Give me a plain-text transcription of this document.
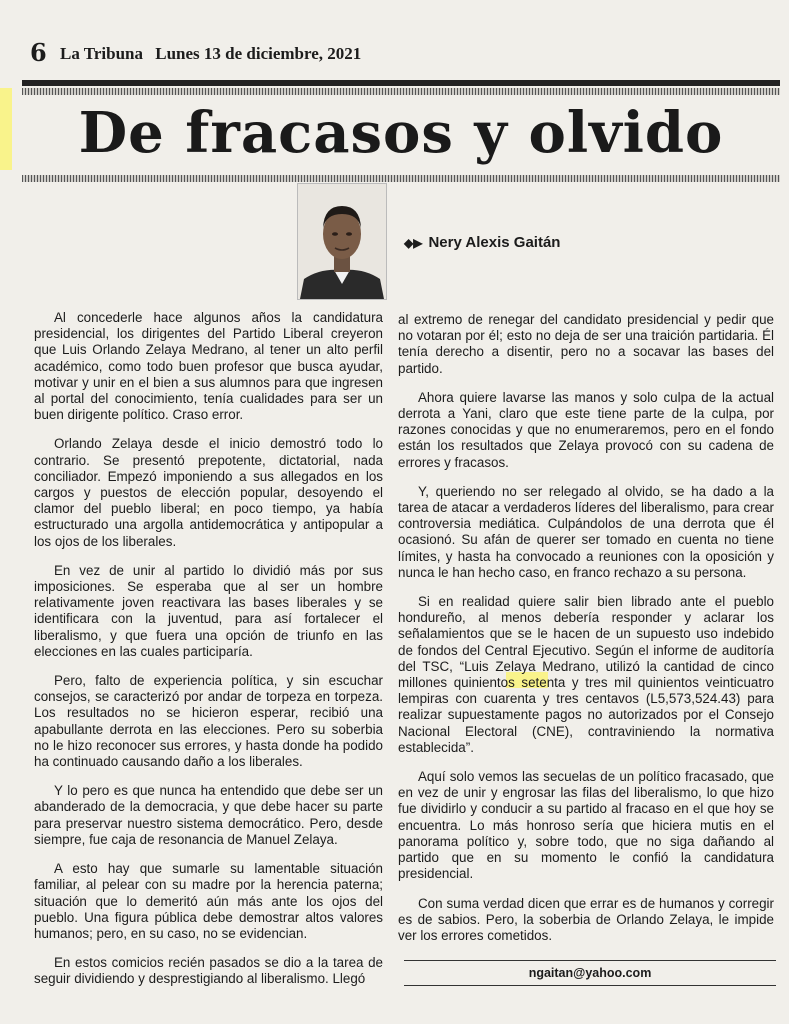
6 La Tribuna Lunes 13 de diciembre, 2021
De fracasos y olvido
◆▶ Nery Alexis Gaitán

Al concederle hace algunos años la candidatura presidencial, los dirigentes del Partido Liberal creyeron que Luis Orlando Zelaya Medrano, al tener un alto perfil académico, como todo buen profesor que busca ayudar, motivar y unir en el bien a sus alumnos para que ingresen al portal del conocimiento, tenía cualidades para ser un buen dirigente político. Craso error.

Orlando Zelaya desde el inicio demostró todo lo contrario. Se presentó prepotente, dictatorial, nada conciliador. Empezó imponiendo a sus allegados en los cargos y puestos de elección popular, desoyendo el clamor del pueblo liberal; en poco tiempo, ya había estructurado una argolla antidemocrática y antipopular a los ojos de los liberales.

En vez de unir al partido lo dividió más por sus imposiciones. Se esperaba que al ser un hombre relativamente joven reactivara las bases liberales y se identificara con la juventud, para así fortalecer el liberalismo, y que fuera una opción de triunfo en las elecciones en las cuales participaría.

Pero, falto de experiencia política, y sin escuchar consejos, se caracterizó por andar de torpeza en torpeza. Los resultados no se hicieron esperar, recibió una apabullante derrota en las elecciones. Pero su soberbia no le hizo reconocer sus errores, y hasta donde ha podido ha continuado causando daño a los liberales.

Y lo pero es que nunca ha entendido que debe ser un abanderado de la democracia, y que debe hacer su parte para preservar nuestro sistema democrático. Pero, desde siempre, fue caja de resonancia de Manuel Zelaya.

A esto hay que sumarle su lamentable situación familiar, al pelear con su madre por la herencia paterna; situación que lo demeritó aún más ante los ojos del pueblo. Una figura pública debe demostrar altos valores humanos; pero, en su caso, no se evidencian.

En estos comicios recién pasados se dio a la tarea de seguir dividiendo y desprestigiando al liberalismo. Llegó

al extremo de renegar del candidato presidencial y pedir que no votaran por él; esto no deja de ser una traición partidaria. Él tenía derecho a disentir, pero no a socavar las bases del partido.

Ahora quiere lavarse las manos y solo culpa de la actual derrota a Yani, claro que este tiene parte de la culpa, por razones conocidas y que no enumeraremos, pero en el fondo están los resultados que Zelaya provocó con su cadena de errores y fracasos.

Y, queriendo no ser relegado al olvido, se ha dado a la tarea de atacar a verdaderos líderes del liberalismo, para crear controversia mediática. Culpándolos de una derrota que él ocasionó. Su afán de querer ser tomado en cuenta no tiene límites, y hasta ha convocado a reuniones con la oposición y nunca le han hecho caso, en franco rechazo a su persona.

Si en realidad quiere salir bien librado ante el pueblo hondureño, al menos debería responder y aclarar los señalamientos que se le hacen de un supuesto uso indebido de fondos del Central Ejecutivo. Según el informe de auditoría del TSC, “Luis Zelaya Medrano, utilizó la cantidad de cinco millones quinientos setenta y tres mil quinientos veinticuatro lempiras con cuarenta y tres centavos (L5,573,524.43) para realizar supuestamente pagos no autorizados por el Consejo Nacional Electoral (CNE), contraviniendo la normativa establecida”.

Aquí solo vemos las secuelas de un político fracasado, que en vez de unir y engrosar las filas del liberalismo, lo que hizo fue dividirlo y conducir a su partido al fracaso en el que hoy se encuentra. Lo más honroso sería que hiciera mutis en el panorama político y, sobre todo, que no siga dañando al partido que en su momento le confió la candidatura presidencial.

Con suma verdad dicen que errar es de humanos y corregir es de sabios. Pero, la soberbia de Orlando Zelaya, le impide ver los errores cometidos.

ngaitan@yahoo.com
